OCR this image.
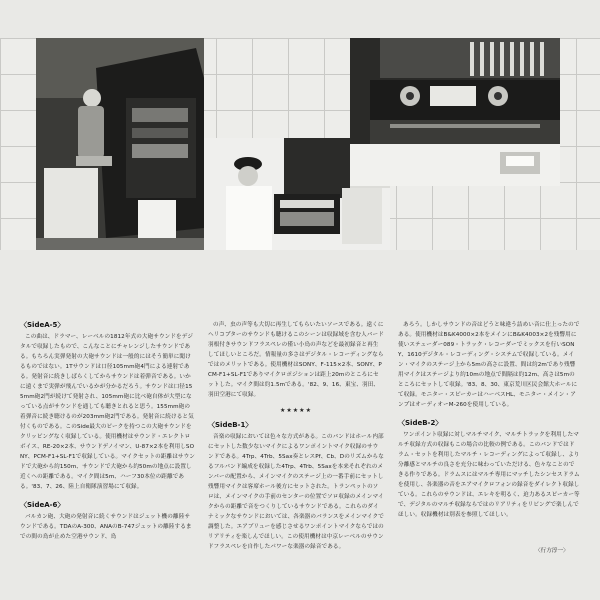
〈SideA-5〉

この曲は、ドラマー、レーベルの1812年式の大砲サウンドをデジタルで収録したもので、こんなことにチャレンジしたサウンドである。もちろん実弾発射の大砲サウンドは一般的にはそう簡単に聞けるものではない。1Tサウンドは口径105mm砲4門による連射である。発射音に続きしばらくしてからサウンドは着弾音である。いかに遠くまで実弾が飛んでいるかが分かるだろう。サウンドは口径155mm砲2門が続けて発射され、105mm砲に比べ砲自体が大型になっている点がサウンドを通しても聴きとれると思う。155mm砲の着弾音に続き聴けるのが203mm砲2門である。発射音に続けると気付くものである。このSide最大のピークを持つこの大砲サウンドをクリッピングなく収録している。使用機材はサウンド・エレクトロボイス、RE-20×2本、サウンドデノイマン、U-87×2本を利用しSONY、PCM-F1+SL-F1で収録している。マイクセットの距離はサウンドで大砲から約150m、サウンドで大砲から約50mの地点に設置し近くへの距離である。マイク間は5m、ハーフ30本位の距離である。'83、7、26、陸上自衛隊演習場にて収録。

〈SideA-6〉

バルカン砲、大砲の発射音に続くサウンドはジェット機の離陸サウンドである。TDAのA-300、ANAのB-747ジェットの離陸するまでの間の鳥が止めた空港サウンド、鳥

の声、虫の声等も大切に再生してもらいたいソースである。遠くにヘリコプターのサウンドも聴けるこのシーンは収録域を含む人バード羽根付きサウンドフラスペレの僅い小鳥の声などを最初録音と再生してほしいところだ。情報量の多さはデジタル・レコーディングならではのメリットである。使用機材はSONY、F-115×2本、SONY、PCM-F1+SL-F1でありマイクロポジションは距上20mのところにセットした。マイク間は約1.5mである。'82、9、16、東宝、羽田、羽田空港にて収録。

★★★★★
〈SideB-1〉

音楽の収録においては色々な方式がある。このバンドはホール内部にセットした数少ないマイクによるワンポイントマイク収録のサウンドである。4Trp、4Trb、5Sax奏とレスPf、Cb、Dのリズムからなるフルバンド編成を収録した4Trp、4Trb、5Saxを本来それぞれのメンバーの配置から、メインマイクのステージ上の一番手前にセットし残響用マイクは客席ホール後方にセットされた。トランペットのソロは、メインマイクの手前のセンターの位置でソロ収録のメインマイクからの距離で音をつくりしているサウンドである。これらのダイナミックなサウンドにおいては、各楽器のバランスをメインマイクで調整した。エアブリューを感じさせるワンポイントマイクならではのリアリティを楽しんでほしい。この使用機材は中京レーベルのサウンドフラスペレを自作したパワーな楽器の録音である。

あろう。しかしサウンドの音はどうと味違う詰めい音に仕上ったのである。使用機材はB&K4000×2本をメインにB&K4003×2を残響用に使いステューダー089・トラック・レコーダーでミックスを行いSONY、1610デジタル・レコーディング・システムで収録している。メイン・マイクのステージ上から5mの高さに設置、間は約2mであり残響用マイクはステージより約10mの地点で間隔は約12m、高さは5mのところにセットして収録。'83、8、30、東京荒川区民会館大ホールにて収録。モニター・スピーカーはハーベスHL、モニター・メイン・アンプはオーディオーM-260を使用している。

〈SideB-2〉

ワンポイント収録に対しマルチマイク、マルチトラックを利用したマルチ収録方式の収録もこの場合の比較の例である。このバンドではドラム・セットを利用したマルチ・レコーディングによって収録し、より分離感とマルチの良さを充分に味わっていただける、色々なことのできる作りである。ドラムスにはマルチ専用にマッチしたシンセスドラムを使用し、各楽器の音をエアマイクロフォンの録音をダイレクト収録している。これらのサウンドは、エレキを明るく、迫力あるスピーカー等で、デジタルのマルチ収録ならではのリアリティをリビングで楽しんでほしい。収録機材は別表を参照してほしい。

〈行方淳一〉
